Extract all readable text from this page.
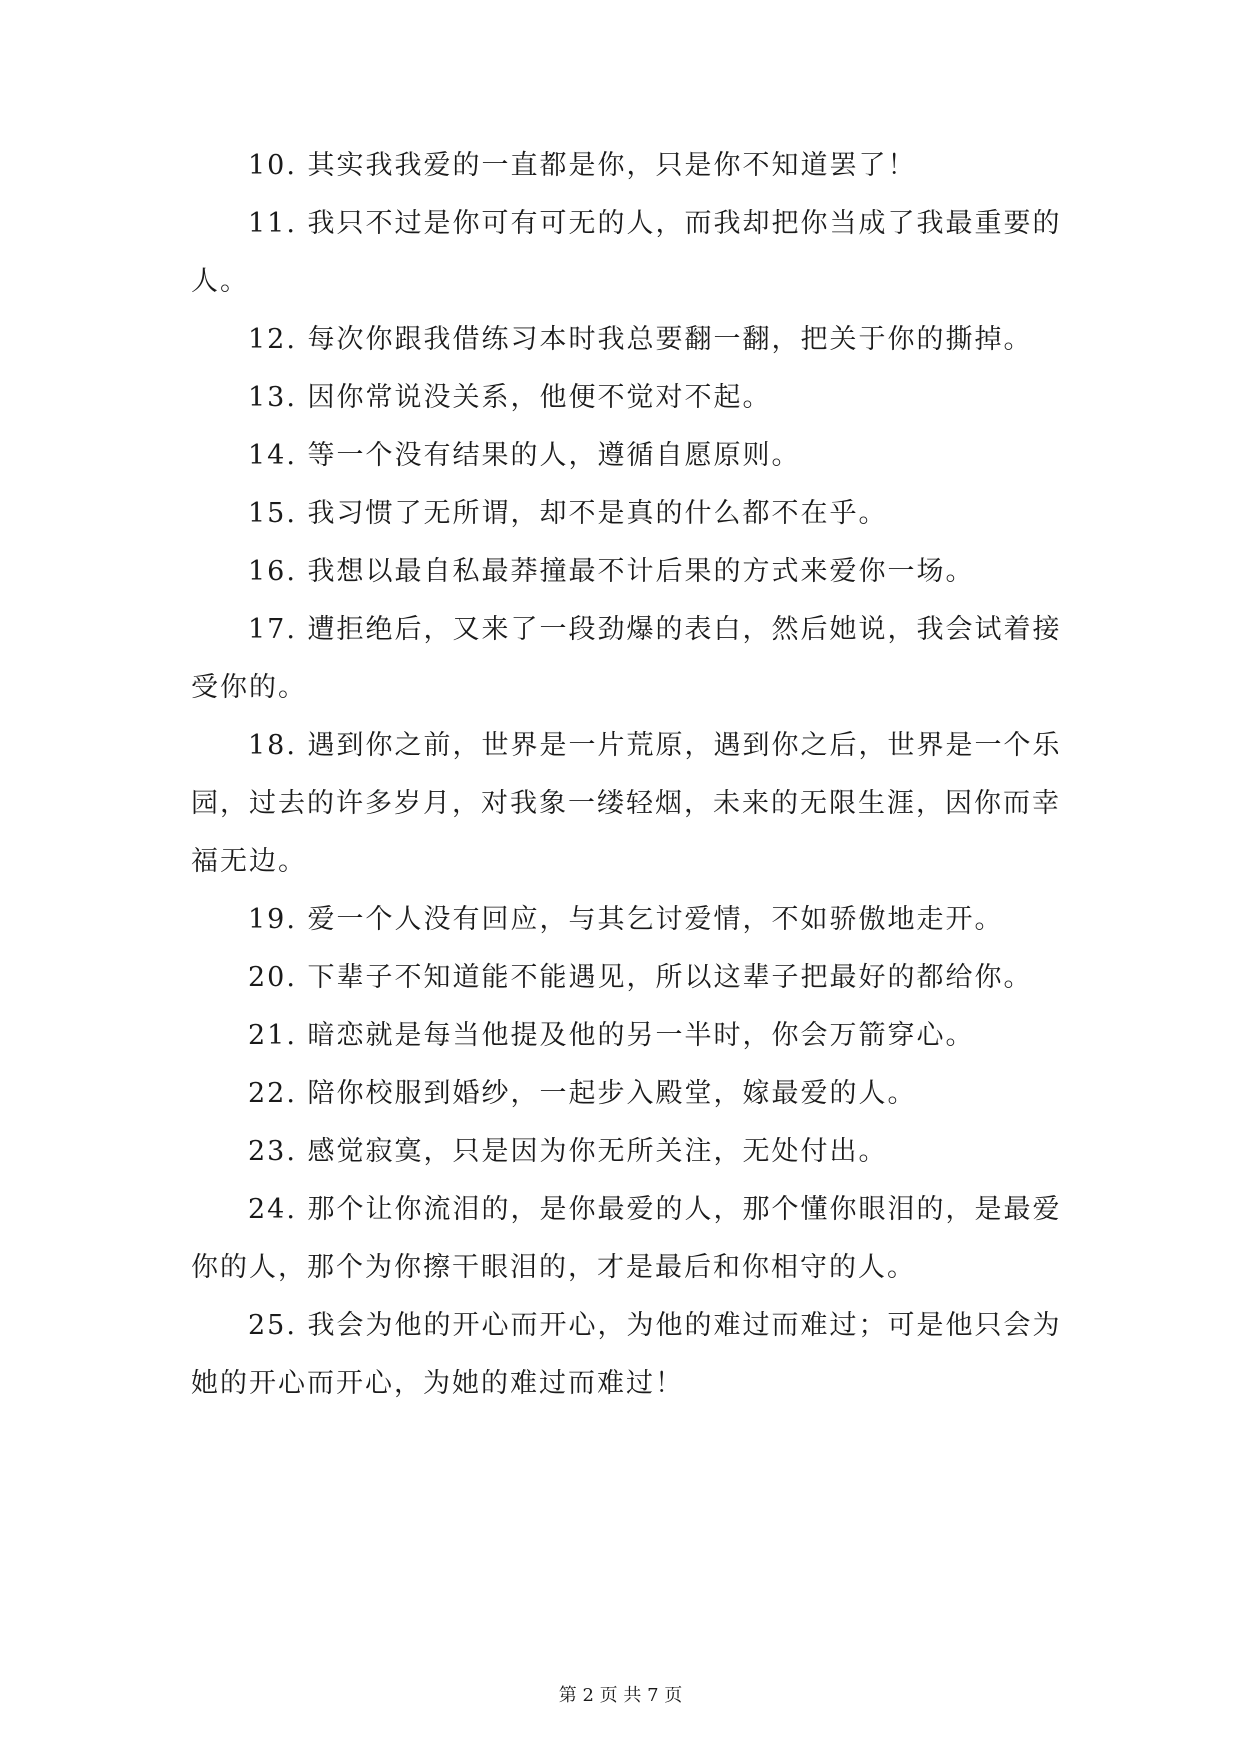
10. 其实我我爱的一直都是你，只是你不知道罢了！
11. 我只不过是你可有可无的人，而我却把你当成了我最重要的
人。
12. 每次你跟我借练习本时我总要翻一翻，把关于你的撕掉。
13. 因你常说没关系，他便不觉对不起。
14. 等一个没有结果的人，遵循自愿原则。
15. 我习惯了无所谓，却不是真的什么都不在乎。
16. 我想以最自私最莽撞最不计后果的方式来爱你一场。
17. 遭拒绝后，又来了一段劲爆的表白，然后她说，我会试着接
受你的。
18. 遇到你之前，世界是一片荒原，遇到你之后，世界是一个乐
园，过去的许多岁月，对我象一缕轻烟，未来的无限生涯，因你而幸
福无边。
19. 爱一个人没有回应，与其乞讨爱情，不如骄傲地走开。
20. 下辈子不知道能不能遇见，所以这辈子把最好的都给你。
21. 暗恋就是每当他提及他的另一半时，你会万箭穿心。
22. 陪你校服到婚纱，一起步入殿堂，嫁最爱的人。
23. 感觉寂寞，只是因为你无所关注，无处付出。
24. 那个让你流泪的，是你最爱的人，那个懂你眼泪的，是最爱
你的人，那个为你擦干眼泪的，才是最后和你相守的人。
25. 我会为他的开心而开心，为他的难过而难过；可是他只会为
她的开心而开心，为她的难过而难过！
第 2 页 共 7 页
